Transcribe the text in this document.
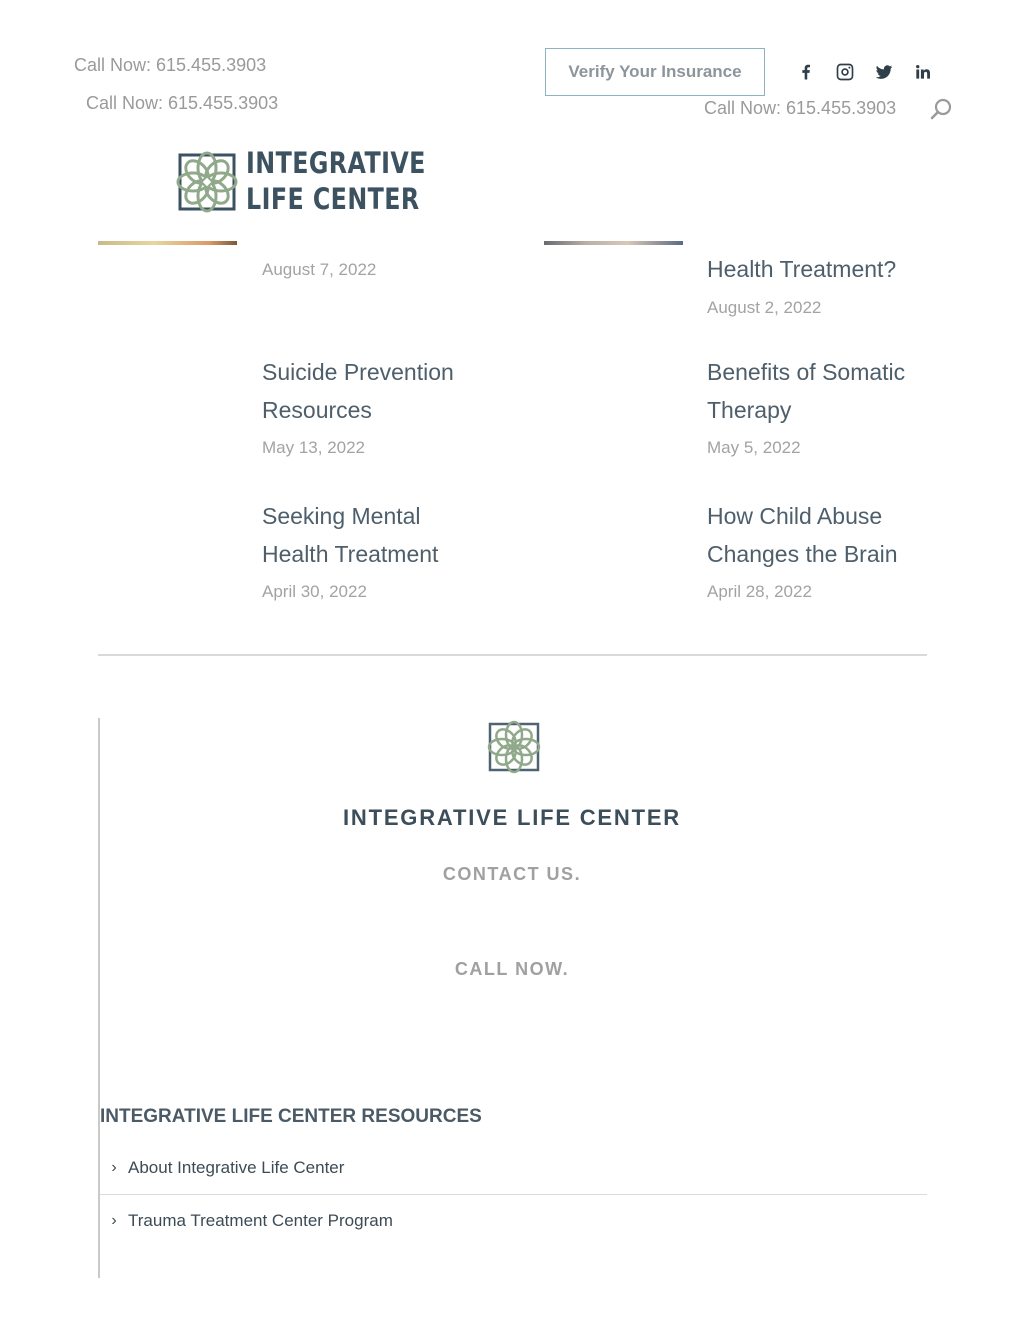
Call Now: 615.455.3903
Call Now: 615.455.3903	Call Now: 615.455.3903
Verify Your Insurance
INTEGRATIVE
LIFE CENTER
August 7, 2022
Suicide Prevention
Resources
May 13, 2022
Seeking Mental
Health Treatment
April 30, 2022
Health Treatment?
August 2, 2022
Benefits of Somatic
Therapy
May 5, 2022
How Child Abuse
Changes the Brain
April 28, 2022
INTEGRATIVE LIFE CENTER
CONTACT US.
CALL NOW.
INTEGRATIVE LIFE CENTER RESOURCES
› About Integrative Life Center
› Trauma Treatment Center Program
